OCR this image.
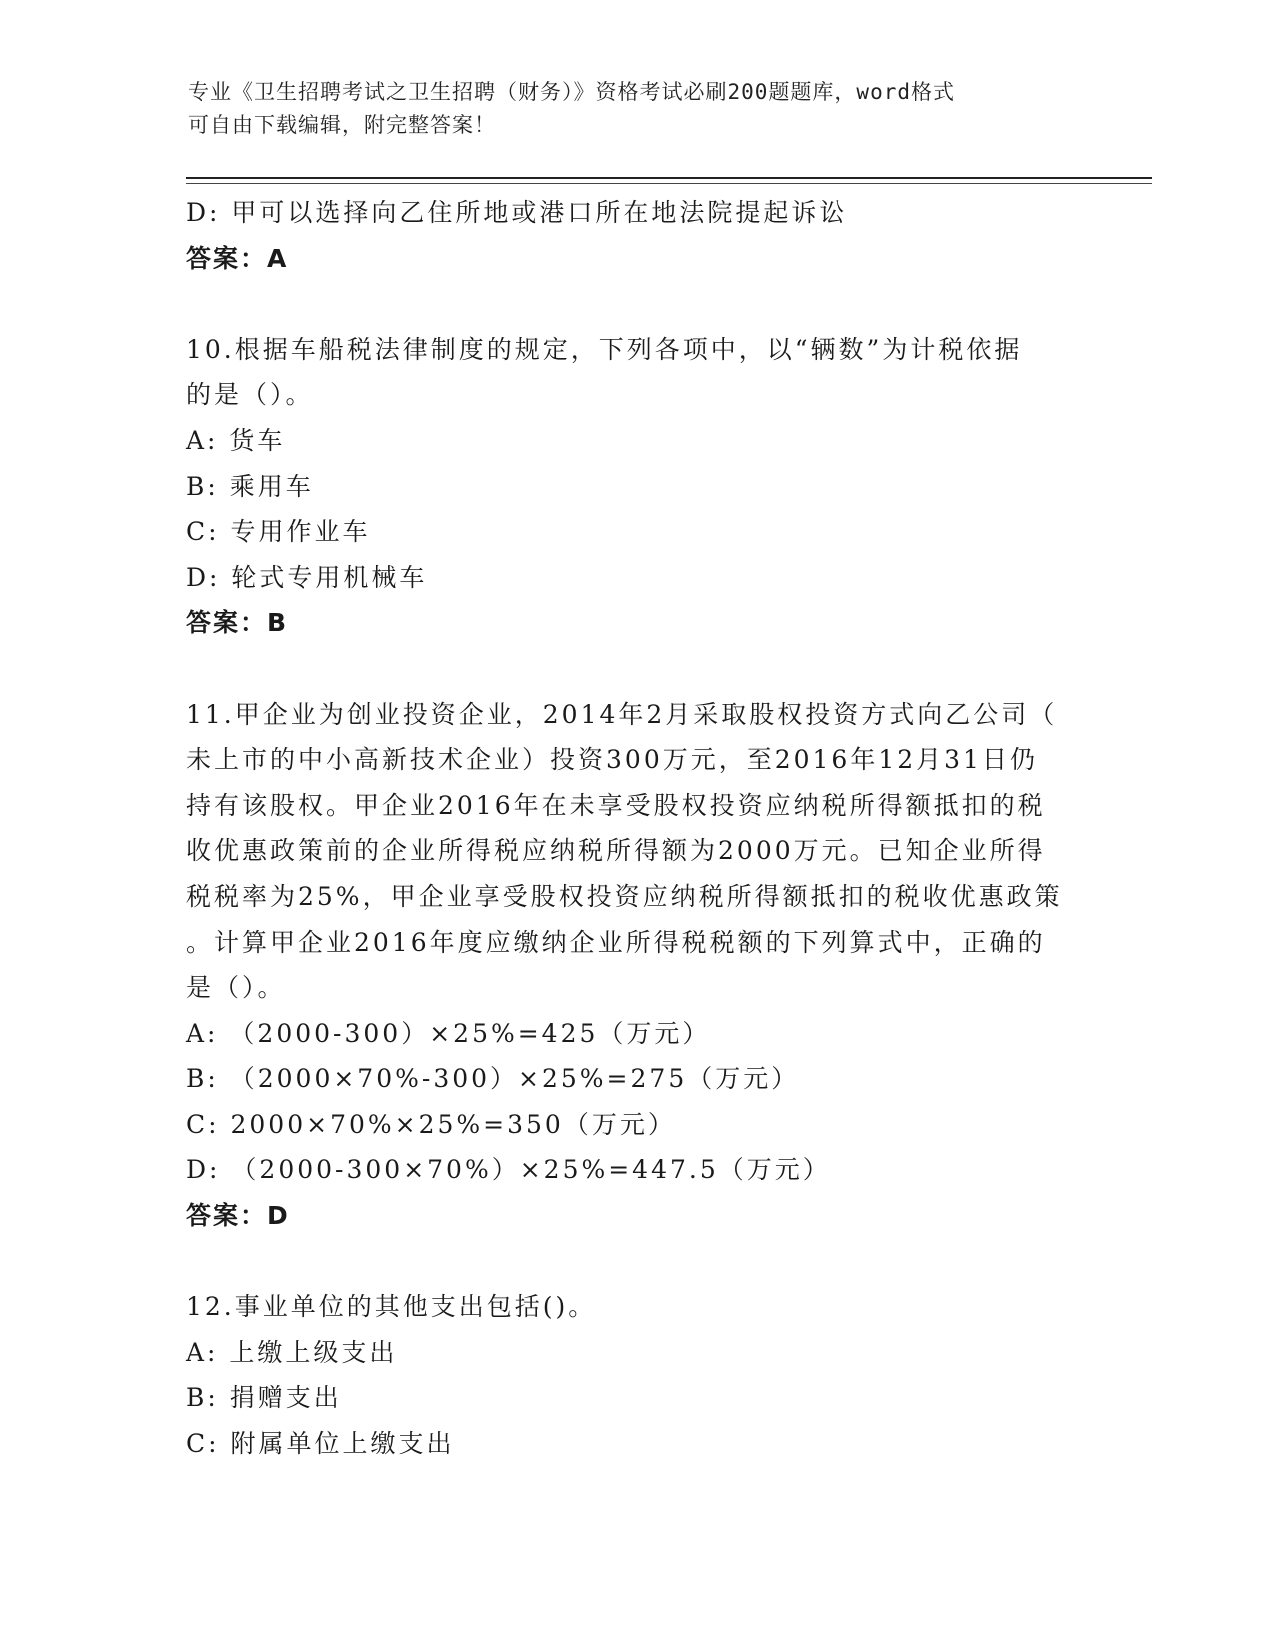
专业《卫生招聘考试之卫生招聘（财务）》资格考试必刷200题题库，word格式
可自由下载编辑，附完整答案！
D: 甲可以选择向乙住所地或港口所在地法院提起诉讼
答案：A
10.根据车船税法律制度的规定，下列各项中，以“辆数”为计税依据
的是（）。
A: 货车
B: 乘用车
C: 专用作业车
D: 轮式专用机械车
答案：B
11.甲企业为创业投资企业，2014年2月采取股权投资方式向乙公司（
未上市的中小高新技术企业）投资300万元，至2016年12月31日仍
持有该股权。甲企业2016年在未享受股权投资应纳税所得额抵扣的税
收优惠政策前的企业所得税应纳税所得额为2000万元。已知企业所得
税税率为25%，甲企业享受股权投资应纳税所得额抵扣的税收优惠政策
。计算甲企业2016年度应缴纳企业所得税税额的下列算式中，正确的
是（）。
A: （2000-300）×25%=425（万元）
B: （2000×70%-300）×25%=275（万元）
C: 2000×70%×25%=350（万元）
D: （2000-300×70%）×25%=447.5（万元）
答案：D
12.事业单位的其他支出包括()。
A: 上缴上级支出
B: 捐赠支出
C: 附属单位上缴支出
